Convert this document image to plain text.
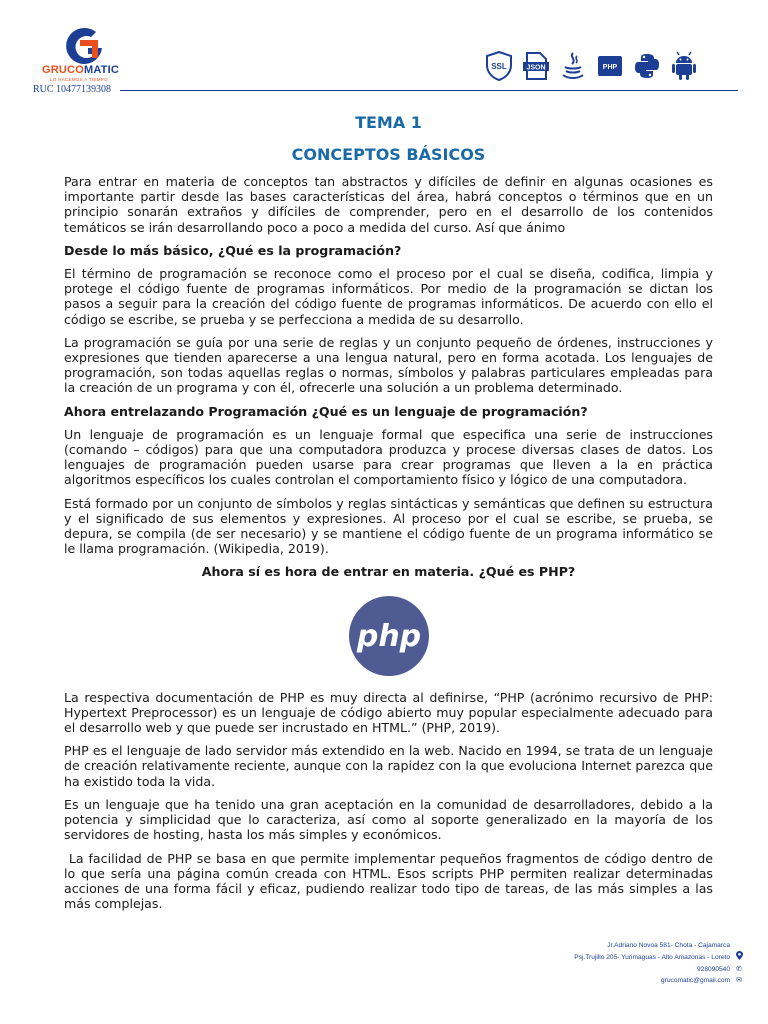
GRUCOMATIC
LO HACEMOS A TIEMPO
RUC 10477139308
SSL	JSON	PHP
TEMA 1
CONCEPTOS BÁSICOS

Para entrar en materia de conceptos tan abstractos y difíciles de definir en algunas ocasiones es importante partir desde las bases características del área, habrá conceptos o términos que en un principio sonarán extraños y difíciles de comprender, pero en el desarrollo de los contenidos temáticos se irán desarrollando poco a poco a medida del curso. Así que ánimo

Desde lo más básico, ¿Qué es la programación?

El término de programación se reconoce como el proceso por el cual se diseña, codifica, limpia y protege el código fuente de programas informáticos. Por medio de la programación se dictan los pasos a seguir para la creación del código fuente de programas informáticos. De acuerdo con ello el código se escribe, se prueba y se perfecciona a medida de su desarrollo.

La programación se guía por una serie de reglas y un conjunto pequeño de órdenes, instrucciones y expresiones que tienden aparecerse a una lengua natural, pero en forma acotada. Los lenguajes de programación, son todas aquellas reglas o normas, símbolos y palabras particulares empleadas para la creación de un programa y con él, ofrecerle una solución a un problema determinado.

Ahora entrelazando Programación ¿Qué es un lenguaje de programación?

Un lenguaje de programación es un lenguaje formal que especifica una serie de instrucciones (comando – códigos) para que una computadora produzca y procese diversas clases de datos. Los lenguajes de programación pueden usarse para crear programas que lleven a la en práctica algoritmos específicos los cuales controlan el comportamiento físico y lógico de una computadora.

Está formado por un conjunto de símbolos y reglas sintácticas y semánticas que definen su estructura y el significado de sus elementos y expresiones. Al proceso por el cual se escribe, se prueba, se depura, se compila (de ser necesario) y se mantiene el código fuente de un programa informático se le llama programación. (Wikipedia, 2019).

Ahora sí es hora de entrar en materia. ¿Qué es PHP?

php

La respectiva documentación de PHP es muy directa al definirse, “PHP (acrónimo recursivo de PHP: Hypertext Preprocessor) es un lenguaje de código abierto muy popular especialmente adecuado para el desarrollo web y que puede ser incrustado en HTML.” (PHP, 2019).

PHP es el lenguaje de lado servidor más extendido en la web. Nacido en 1994, se trata de un lenguaje de creación relativamente reciente, aunque con la rapidez con la que evoluciona Internet parezca que ha existido toda la vida.

Es un lenguaje que ha tenido una gran aceptación en la comunidad de desarrolladores, debido a la potencia y simplicidad que lo caracteriza, así como al soporte generalizado en la mayoría de los servidores de hosting, hasta los más simples y económicos.

La facilidad de PHP se basa en que permite implementar pequeños fragmentos de código dentro de lo que sería una página común creada con HTML. Esos scripts PHP permiten realizar determinadas acciones de una forma fácil y eficaz, pudiendo realizar todo tipo de tareas, de las más simples a las más complejas.

Jr.Adriano Novoa 581- Chota - Cajamarca
Psj.Trujillo 205- Yurimaguas - Alto Amazonas - Loreto
928090540 ✆
grucomatic@gmail.com ✉
